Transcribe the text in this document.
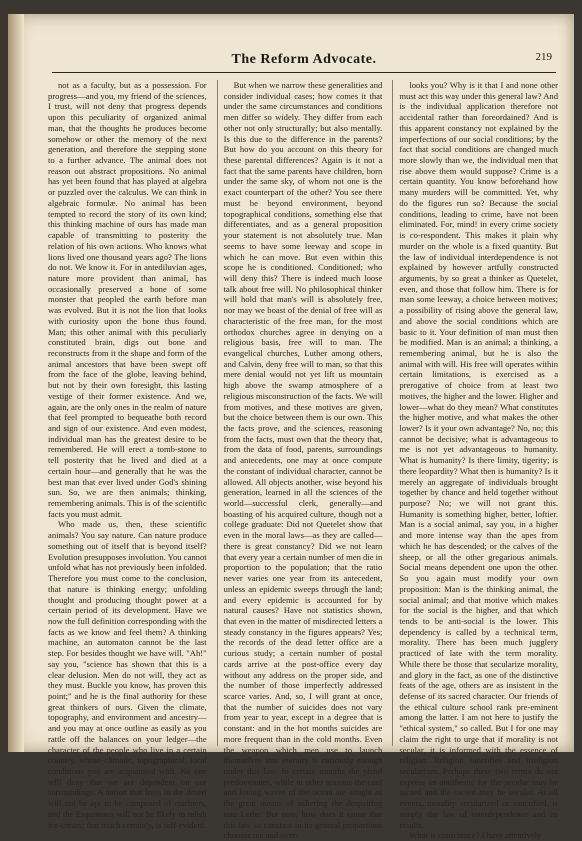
The Reform Advocate.	219

not as a faculty, but as a possession. For progress—and you, my friend of the sciences, I trust, will not deny that progress depends upon this peculiarity of organized animal man, that the thoughts he produces become somehow or other the memory of the next generation, and therefore the stepping stone to a further advance. The animal does not reason out abstract propositions. No animal has yet been found that has played at algebra or puzzled over the calculus. We can think in algebraic formulæ. No animal has been tempted to record the story of its own kind; this thinking machine of ours has made man capable of transmitting to posterity the relation of his own actions. Who knows what lions lived one thousand years ago? The lions do not. We know it. For in antediluvian ages, nature more provident than animal, has occasionally preserved a bone of some monster that peopled the earth before man was evolved. But it is not the lion that looks with curiosity upon the bone thus found. Man; this other animal with this peculiarly constituted brain, digs out bone and reconstructs from it the shape and form of the animal ancestors that have been swept off from the face of the globe, leaving behind, but not by their own foresight, this lasting vestige of their former existence. And we, again, are the only ones in the realm of nature that feel prompted to bequeathe both record and sign of our existence. And even modest, individual man has the greatest desire to be remembered. He will erect a tomb-stone to tell posterity that he lived and died at a certain hour—and generally that he was the best man that ever lived under God's shining sun. So, we are then animals; thinking, remembering animals. This is of the scientific facts you must admit.

Who made us, then, these scientific animals? You say nature. Can nature produce something out of itself that is beyond itself? Evolution presupposes involution. You cannot unfold what has not previously been infolded. Therefore you must come to the conclusion, that nature is thinking energy; unfolding thought and producing thought power at a certain period of its development. Have we now the full definition corresponding with the facts as we know and feel them? A thinking machine, an automaton cannot be the last step. For besides thought we have will. "Ah!" say you, "science has shown that this is a clear delusion. Men do not will, they act as they must. Buckle you know, has proven this point;" and he is the final authority for these great thinkers of ours. Given the climate, topography, and environment and ancestry—and you may at once outline as easily as you rattle off the balances on your ledger—the character of the people who live in a certain country, whose climatic, topographical, local conditions you are acquainted with. No one will deny that we are dependent on our surroundings. A nation that lives in the desert will not be apt to be composed of mariners, and the Esquimaux will not be likely to relish ice-cream; that much certain'y, is self-evident.

But when we narrow these generalities and consider individual cases; how comes it that under the same circumstances and conditions men differ so widely. They differ from each other not only structurally; but also mentally. Is this due to the difference in the parents? But how do you account on this theory for these parental differences? Again is it not a fact that the same parents have children, born under the same sky, of whom not one is the exact counterpart of the other? You see there must be beyond environment, beyond topographical conditions, something else that differentiates, and as a general proposition your statement is not absolutely true. Man seems to have some leeway and scope in which he can move. But even within this scope he is conditioned. Conditioned; who will deny this? There is indeed much loose talk about free will. No philosophical thinker will hold that man's will is absolutely free, nor may we boast of the denial of free will as characteristic of the free man, for the most orthodox churches agree in denying on a religious basis, free will to man. The evangelical churches, Luther among others, and Calvin, deny free will to man, so that this mere denial would not yet lift us mountain high above the swamp atmosphere of a religious misconstruction of the facts. We will from motives, and these motives are given, but the choice between them is our own. This the facts prove, and the sciences, reasoning from the facts, must own that the theory that, from the data of food, parents, surroundings and antecedents, one may at once compute the constant of individual character, cannot be allowed. All objects another, wise beyond his generation, learned in all the sciences of the world—successful clerk, generally—and boasting of his acquired culture, though not a college graduate: Did not Quetelet show that even in the moral laws—as they are called—there is great constancy? Did we not learn that every year a certain number of men die in proportion to the population; that the ratio never varies one year from its antecedent, unless an epidemic sweeps through the land; and every epidemic is accounted for by natural causes? Have not statistics shown, that even in the matter of misdirected letters a steady constancy in the figures appears? Yes; the records of the dead letter office are a curious study; a certain number of postal cards arrive at the post-office every day without any address on the proper side, and the number of those imperfectly addressed scarce varies. And, so, I will grant at once, that the number of suicides does not vary from year to year, except in a degree that is constant: and in the hot months suicides are more frequent than in the cold months. Even the weapon which men use to launch themselves into eternity is curiously enough under this law. In certain months the pistol predominates, while in other seasons the cool and loving waves of the ocean are sought as the great means of ushering the despairing into Lethe. But now, how does it come that this law so constant in its general proportions chooses me and over-

looks you? Why is it that I and none other must act this way under this general law? And is the individual application therefore not accidental rather than foreordained? And is this apparent constancy not explained by the imperfections of our social conditions; by the fact that social conditions are changed much more slowly than we, the individual men that rise above them would suppose? Crime is a certain quantity. You know beforehand how many murders will be committed. Yet, why do the figures run so? Because the social conditions, leading to crime, have not been eliminated. For, mind! in every crime society is co-respondent. This makes it plain why murder on the whole is a fixed quantity. But the law of individual interdependence is not explained by however artfully constructed arguments, by so great a thinker as Quetelet, even, and those that follow him. There is for man some leeway, a choice between motives; a possibility of rising above the general law, and above the social conditions which are basic to it. Your definition of man must then be modified. Man is an animal; a thinking, a remembering animal, but he is also the animal with will. His free will operates within certain limitations, is exercised as a prerogative of choice from at least two motives, the higher and the lower. Higher and lower—what do they mean? What constitutes the higher motive, and what makes the other lower? Is it your own advantage? No, no; this cannot be decisive; what is advantageous to me is not yet advantageous to humanity. What is humanity? Is there limity, tigerity; is there leopardity? What then is humanity? Is it merely an aggregate of individuals brought together by chance and held together without purpose? No; we will not grant this. Humanity is something higher, better, loftier. Man is a social animal, say you, in a higher and more intense way than the apes from which he has descended; or the calves of the sheep, or all the other gregarious animals. Social means dependent one upon the other. So you again must modify your own proposition: Man is the thinking animal, the social animal; and that motive which makes for the social is the higher, and that which tends to be anti-social is the lower. This dependency is called by a technical term, morality. There has been much jugglery practiced of late with the term morality. While there be those that secularize morality, and glory in the fact, as one of the distinctive feats of the age, others are as insistent in the defense of its sacred character. Our friends of the ethical culture school rank pre-eminent among the latter. I am not here to justify the "ethical system," so called. But I for one may claim the right to urge that if morality is not secular, it is informed with the essence of religion. Religion sanctifies and irreligion secularizes. Perhaps these two terms do not express an antithesis; for the secular may be sacred and the sacred may be secular. At all events, morality secularized or sanctified, is simply the law of interdependence and its results.

What is conscience? I have attentively
